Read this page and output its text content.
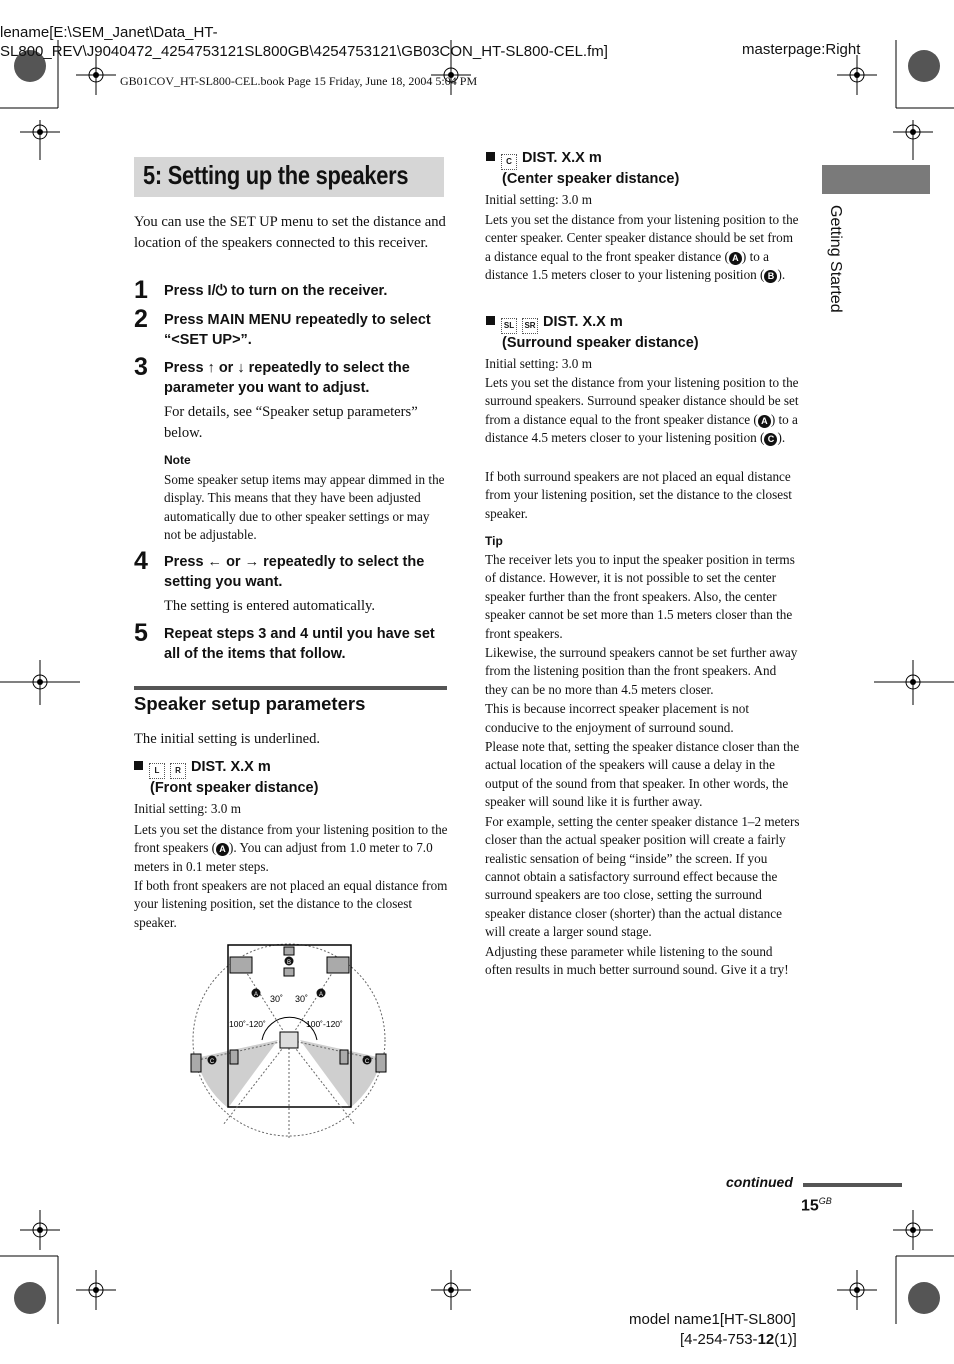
lename[E:\SEM_Janet\Data_HT-
SL800_REV\J9040472_4254753121SL800GB\4254753121\GB03CON_HT-SL800-CEL.fm]	masterpage:Right
GB01COV_HT-SL800-CEL.book Page 15 Friday, June 18, 2004 5:04 PM
Getting Started
5: Setting up the speakers
You can use the SET UP menu to set the distance and location of the speakers connected to this receiver.
1 Press I/⏻ to turn on the receiver.
2 Press MAIN MENU repeatedly to select “<SET UP>”.
3 Press ↑ or ↓ repeatedly to select the parameter you want to adjust.
For details, see “Speaker setup parameters” below.
Note
Some speaker setup items may appear dimmed in the display. This means that they have been adjusted automatically due to other speaker settings or may not be adjustable.
4 Press ← or → repeatedly to select the setting you want.
The setting is entered automatically.
5 Repeat steps 3 and 4 until you have set all of the items that follow.
Speaker setup parameters
The initial setting is underlined.
L R DIST. X.X m
(Front speaker distance)
Initial setting: 3.0 m
Lets you set the distance from your listening position to the front speakers ( A ). You can adjust from 1.0 meter to 7.0 meters in 0.1 meter steps.
If both front speakers are not placed an equal distance from your listening position, set the distance to the closest speaker.
A	A
B
C	C
30˚ 30˚
100˚-120˚	100˚-120˚
C DIST. X.X m
(Center speaker distance)
Initial setting: 3.0 m
Lets you set the distance from your listening position to the center speaker. Center speaker distance should be set from a distance equal to the front speaker distance ( A ) to a distance 1.5 meters closer to your listening position ( B ).
SL SR DIST. X.X m
(Surround speaker distance)
Initial setting: 3.0 m
Lets you set the distance from your listening position to the surround speakers. Surround speaker distance should be set from a distance equal to the front speaker distance ( A ) to a distance 4.5 meters closer to your listening position ( C ).
If both surround speakers are not placed an equal distance from your listening position, set the distance to the closest speaker.
Tip
The receiver lets you to input the speaker position in terms of distance. However, it is not possible to set the center speaker further than the front speakers. Also, the center speaker cannot be set more than 1.5 meters closer than the front speakers.
Likewise, the surround speakers cannot be set further away from the listening position than the front speakers. And they can be no more than 4.5 meters closer.
This is because incorrect speaker placement is not conducive to the enjoyment of surround sound.
Please note that, setting the speaker distance closer than the actual location of the speakers will cause a delay in the output of the sound from that speaker. In other words, the speaker will sound like it is further away.
For example, setting the center speaker distance 1–2 meters closer than the actual speaker position will create a fairly realistic sensation of being “inside” the screen. If you cannot obtain a satisfactory surround effect because the surround speakers are too close, setting the surround speaker distance closer (shorter) than the actual distance will create a larger sound stage.
Adjusting these parameter while listening to the sound often results in much better surround sound. Give it a try!
continued
$15^{GB}$
model name1[HT-SL800]
[4-254-753-12(1)]
